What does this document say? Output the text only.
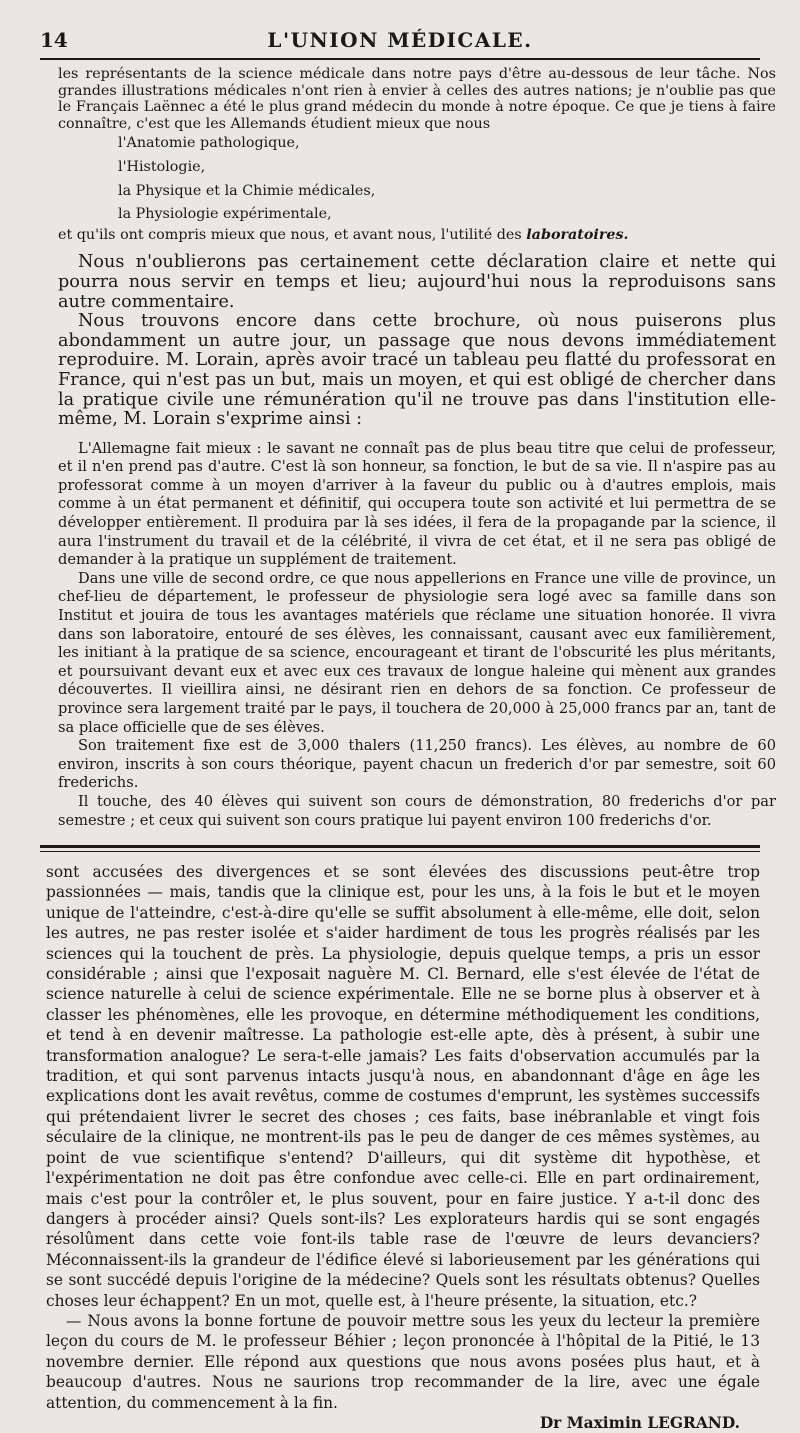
14	L'UNION MÉDICALE.

les représentants de la science médicale dans notre pays d'être au-dessous de leur tâche. Nos grandes illustrations médicales n'ont rien à envier à celles des autres nations; je n'oublie pas que le Français Laënnec a été le plus grand médecin du monde à notre époque. Ce que je tiens à faire connaître, c'est que les Allemands étudient mieux que nous

l'Anatomie pathologique,
l'Histologie,
la Physique et la Chimie médicales,
la Physiologie expérimentale,

et qu'ils ont compris mieux que nous, et avant nous, l'utilité des laboratoires.

Nous n'oublierons pas certainement cette déclaration claire et nette qui pourra nous servir en temps et lieu; aujourd'hui nous la reproduisons sans autre commentaire.

Nous trouvons encore dans cette brochure, où nous puiserons plus abondamment un autre jour, un passage que nous devons immédiatement reproduire. M. Lorain, après avoir tracé un tableau peu flatté du professorat en France, qui n'est pas un but, mais un moyen, et qui est obligé de chercher dans la pratique civile une rémunération qu'il ne trouve pas dans l'institution elle-même, M. Lorain s'exprime ainsi :

L'Allemagne fait mieux : le savant ne connaît pas de plus beau titre que celui de professeur, et il n'en prend pas d'autre. C'est là son honneur, sa fonction, le but de sa vie. Il n'aspire pas au professorat comme à un moyen d'arriver à la faveur du public ou à d'autres emplois, mais comme à un état permanent et définitif, qui occupera toute son activité et lui permettra de se développer entièrement. Il produira par là ses idées, il fera de la propagande par la science, il aura l'instrument du travail et de la célébrité, il vivra de cet état, et il ne sera pas obligé de demander à la pratique un supplément de traitement.

Dans une ville de second ordre, ce que nous appellerions en France une ville de province, un chef-lieu de département, le professeur de physiologie sera logé avec sa famille dans son Institut et jouira de tous les avantages matériels que réclame une situation honorée. Il vivra dans son laboratoire, entouré de ses élèves, les connaissant, causant avec eux familièrement, les initiant à la pratique de sa science, encourageant et tirant de l'obscurité les plus méritants, et poursuivant devant eux et avec eux ces travaux de longue haleine qui mènent aux grandes découvertes. Il vieillira ainsi, ne désirant rien en dehors de sa fonction. Ce professeur de province sera largement traité par le pays, il touchera de 20,000 à 25,000 francs par an, tant de sa place officielle que de ses élèves.

Son traitement fixe est de 3,000 thalers (11,250 francs). Les élèves, au nombre de 60 environ, inscrits à son cours théorique, payent chacun un frederich d'or par semestre, soit 60 frederichs.

Il touche, des 40 élèves qui suivent son cours de démonstration, 80 frederichs d'or par semestre ; et ceux qui suivent son cours pratique lui payent environ 100 frederichs d'or.

sont accusées des divergences et se sont élevées des discussions peut-être trop passionnées — mais, tandis que la clinique est, pour les uns, à la fois le but et le moyen unique de l'atteindre, c'est-à-dire qu'elle se suffit absolument à elle-même, elle doit, selon les autres, ne pas rester isolée et s'aider hardiment de tous les progrès réalisés par les sciences qui la touchent de près. La physiologie, depuis quelque temps, a pris un essor considérable ; ainsi que l'exposait naguère M. Cl. Bernard, elle s'est élevée de l'état de science naturelle à celui de science expérimentale. Elle ne se borne plus à observer et à classer les phénomènes, elle les provoque, en détermine méthodiquement les conditions, et tend à en devenir maîtresse. La pathologie est-elle apte, dès à présent, à subir une transformation analogue? Le sera-t-elle jamais? Les faits d'observation accumulés par la tradition, et qui sont parvenus intacts jusqu'à nous, en abandonnant d'âge en âge les explications dont les avait revêtus, comme de costumes d'emprunt, les systèmes successifs qui prétendaient livrer le secret des choses ; ces faits, base inébranlable et vingt fois séculaire de la clinique, ne montrent-ils pas le peu de danger de ces mêmes systèmes, au point de vue scientifique s'entend? D'ailleurs, qui dit système dit hypothèse, et l'expérimentation ne doit pas être confondue avec celle-ci. Elle en part ordinairement, mais c'est pour la contrôler et, le plus souvent, pour en faire justice. Y a-t-il donc des dangers à procéder ainsi? Quels sont-ils? Les explorateurs hardis qui se sont engagés résolûment dans cette voie font-ils table rase de l'œuvre de leurs devanciers? Méconnaissent-ils la grandeur de l'édifice élevé si laborieusement par les générations qui se sont succédé depuis l'origine de la médecine? Quels sont les résultats obtenus? Quelles choses leur échappent? En un mot, quelle est, à l'heure présente, la situation, etc.?

— Nous avons la bonne fortune de pouvoir mettre sous les yeux du lecteur la première leçon du cours de M. le professeur Béhier ; leçon prononcée à l'hôpital de la Pitié, le 13 novembre dernier. Elle répond aux questions que nous avons posées plus haut, et à beaucoup d'autres. Nous ne saurions trop recommander de la lire, avec une égale attention, du commencement à la fin.

Dr Maximin LEGRAND.
